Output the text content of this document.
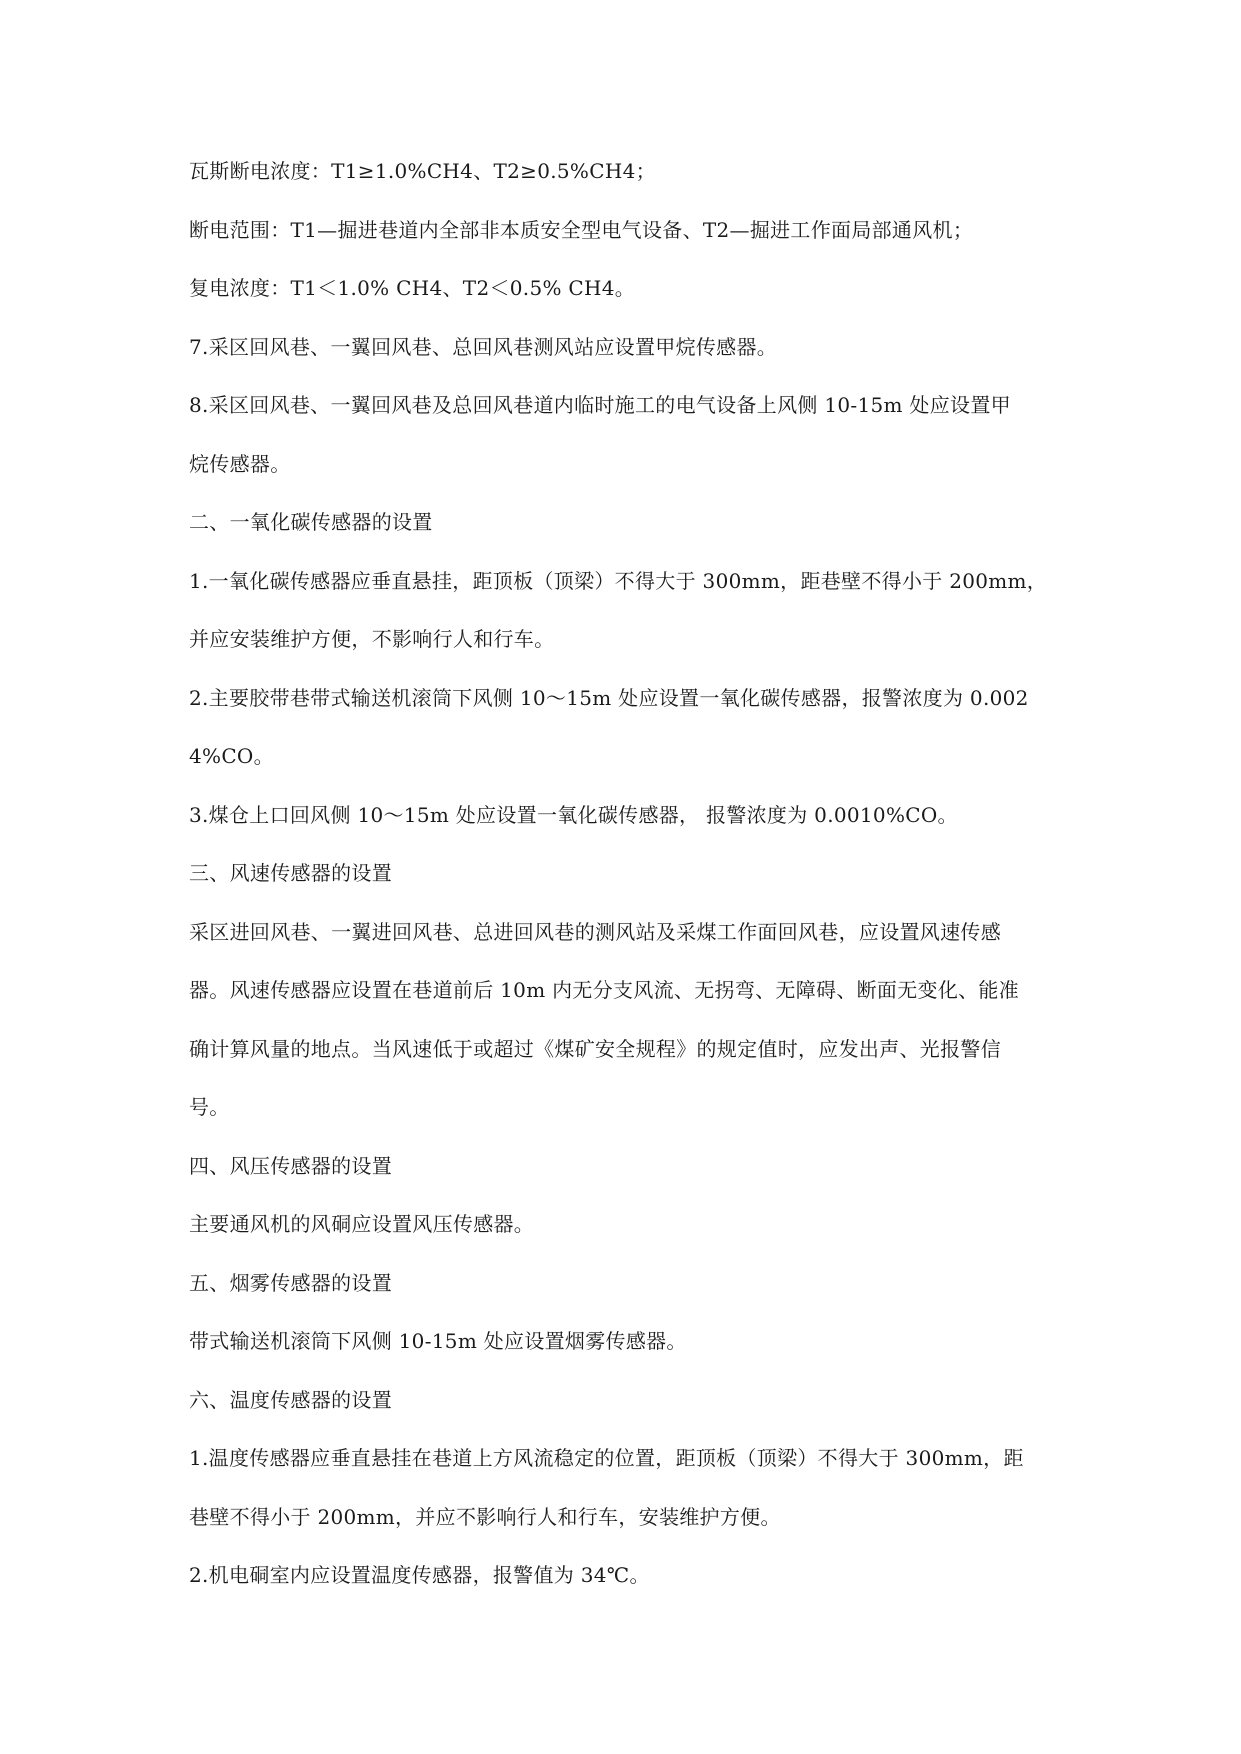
瓦斯断电浓度：T1≥1.0%CH4、T2≥0.5%CH4；
断电范围：T1—掘进巷道内全部非本质安全型电气设备、T2—掘进工作面局部通风机；
复电浓度：T1＜1.0% CH4、T2＜0.5% CH4。
7.采区回风巷、一翼回风巷、总回风巷测风站应设置甲烷传感器。
8.采区回风巷、一翼回风巷及总回风巷道内临时施工的电气设备上风侧 10-15m 处应设置甲
烷传感器。
二、一氧化碳传感器的设置
1.一氧化碳传感器应垂直悬挂，距顶板（顶梁）不得大于 300mm，距巷壁不得小于 200mm，
并应安装维护方便，不影响行人和行车。
2.主要胶带巷带式输送机滚筒下风侧 10～15m 处应设置一氧化碳传感器，报警浓度为 0.002
4%CO。
3.煤仓上口回风侧 10～15m 处应设置一氧化碳传感器， 报警浓度为 0.0010%CO。
三、风速传感器的设置
采区进回风巷、一翼进回风巷、总进回风巷的测风站及采煤工作面回风巷，应设置风速传感
器。风速传感器应设置在巷道前后 10m 内无分支风流、无拐弯、无障碍、断面无变化、能准
确计算风量的地点。当风速低于或超过《煤矿安全规程》的规定值时，应发出声、光报警信
号。
四、风压传感器的设置
主要通风机的风硐应设置风压传感器。
五、烟雾传感器的设置
带式输送机滚筒下风侧 10-15m 处应设置烟雾传感器。
六、温度传感器的设置
1.温度传感器应垂直悬挂在巷道上方风流稳定的位置，距顶板（顶梁）不得大于 300mm，距
巷壁不得小于 200mm，并应不影响行人和行车，安装维护方便。
2.机电硐室内应设置温度传感器，报警值为 34℃。
